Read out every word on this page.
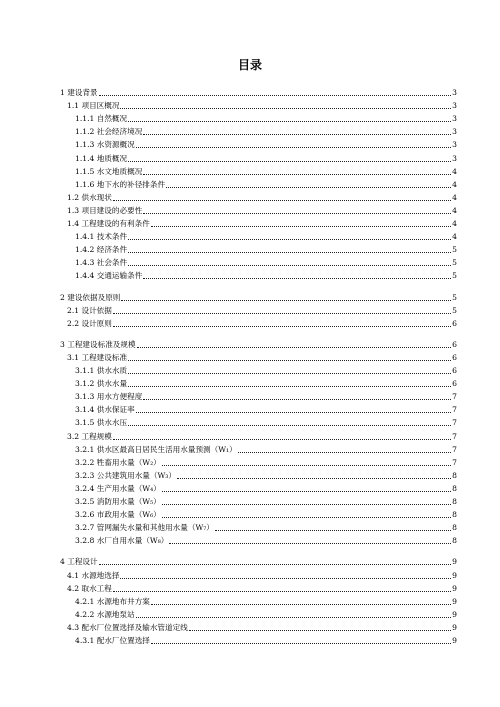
目录
1 建设背景	3
1.1 项目区概况	3
1.1.1 自然概况	3
1.1.2 社会经济境况	3
1.1.3 水资源概况	3
1.1.4 地质概况	3
1.1.5 水文地质概况	4
1.1.6 地下水的补径排条件	4
1.2 供水现状	4
1.3 项目建设的必要性	4
1.4 工程建设的有利条件	4
1.4.1 技术条件	4
1.4.2 经济条件	5
1.4.3 社会条件	5
1.4.4 交通运输条件	5
2 建设依据及原则	5
2.1 设计依据	5
2.2 设计原则	6
3 工程建设标准及规模	6
3.1 工程建设标准	6
3.1.1 供水水质	6
3.1.2 供水水量	6
3.1.3 用水方便程度	7
3.1.4 供水保证率	7
3.1.5 供水水压	7
3.2 工程规模	7
3.2.1 供水区最高日居民生活用水量预测（W₁）	7
3.2.2 牲畜用水量（W₂）	7
3.2.3 公共建筑用水量（W₃）	8
3.2.4 生产用水量（W₄）	8
3.2.5 消防用水量（W₅）	8
3.2.6 市政用水量（W₆）	8
3.2.7 管网漏失水量和其他用水量（W₇）	8
3.2.8 水厂自用水量（W₈）	8
4 工程设计	9
4.1 水源地选择	9
4.2 取水工程	9
4.2.1 水源地布井方案	9
4.2.2 水源地泵站	9
4.3 配水厂位置选择及输水管道定线	9
4.3.1 配水厂位置选择	9
